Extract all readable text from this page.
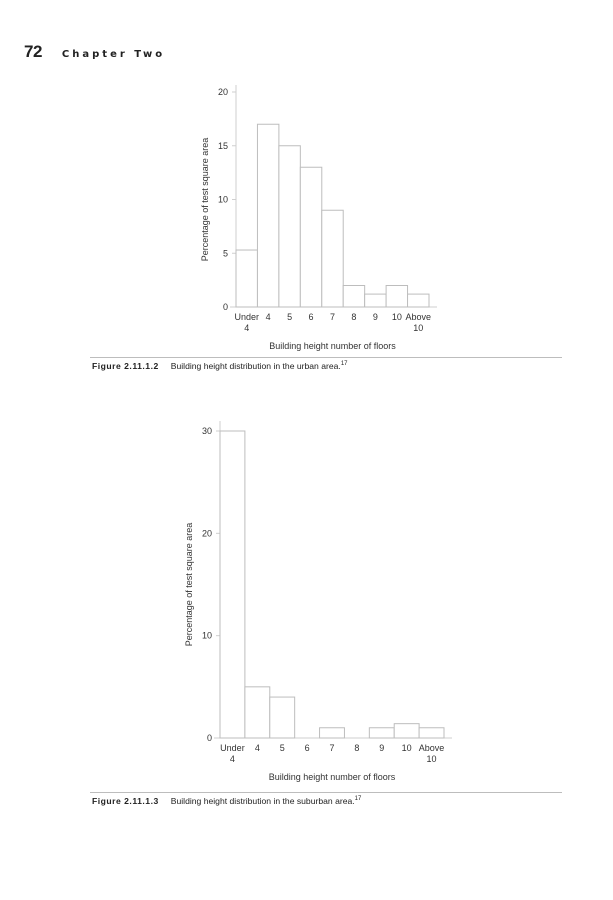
72 Chapter Two
0
5
10
15
20
Under 4
4 5 6 7 8 9 10 Above 10
Building height number of floors
Percentage of test square area
Figure 2.11.1.2 Building height distribution in the urban area.$^{17}$
0
10
20
30
Under 4
4 5 6 7 8 9 10 Above 10
Building height number of floors
Percentage of test square area
Figure 2.11.1.3 Building height distribution in the suburban area.$^{17}$
